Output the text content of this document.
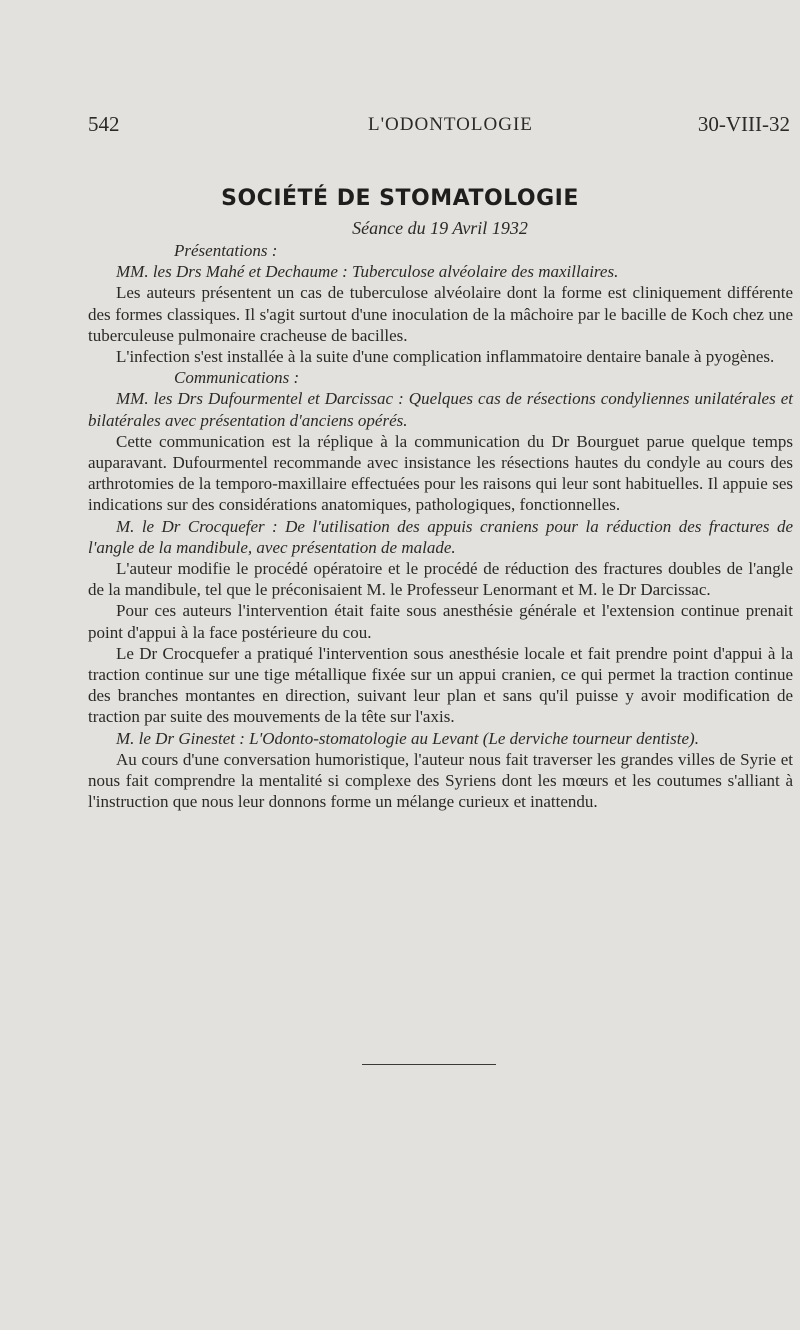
542	L'ODONTOLOGIE	30-VIII-32
SOCIÉTÉ DE STOMATOLOGIE
Séance du 19 Avril 1932

Présentations :

MM. les Drs Mahé et Dechaume : Tuberculose alvéolaire des maxillaires.

Les auteurs présentent un cas de tuberculose alvéolaire dont la forme est cliniquement différente des formes classiques. Il s'agit surtout d'une inoculation de la mâchoire par le bacille de Koch chez une tuberculeuse pulmonaire cracheuse de bacilles.

L'infection s'est installée à la suite d'une complication inflammatoire dentaire banale à pyogènes.

Communications :

MM. les Drs Dufourmentel et Darcissac : Quelques cas de résections condyliennes unilatérales et bilatérales avec présentation d'anciens opérés.

Cette communication est la réplique à la communication du Dr Bourguet parue quelque temps auparavant. Dufourmentel recommande avec insistance les résections hautes du condyle au cours des arthrotomies de la temporo-maxillaire effectuées pour les raisons qui leur sont habituelles. Il appuie ses indications sur des considérations anatomiques, pathologiques, fonctionnelles.

M. le Dr Crocquefer : De l'utilisation des appuis craniens pour la réduction des fractures de l'angle de la mandibule, avec présentation de malade.

L'auteur modifie le procédé opératoire et le procédé de réduction des fractures doubles de l'angle de la mandibule, tel que le préconisaient M. le Professeur Lenormant et M. le Dr Darcissac.

Pour ces auteurs l'intervention était faite sous anesthésie générale et l'extension continue prenait point d'appui à la face postérieure du cou.

Le Dr Crocquefer a pratiqué l'intervention sous anesthésie locale et fait prendre point d'appui à la traction continue sur une tige métallique fixée sur un appui cranien, ce qui permet la traction continue des branches montantes en direction, suivant leur plan et sans qu'il puisse y avoir modification de traction par suite des mouvements de la tête sur l'axis.

M. le Dr Ginestet : L'Odonto-stomatologie au Levant (Le derviche tourneur dentiste).

Au cours d'une conversation humoristique, l'auteur nous fait traverser les grandes villes de Syrie et nous fait comprendre la mentalité si complexe des Syriens dont les mœurs et les coutumes s'alliant à l'instruction que nous leur donnons forme un mélange curieux et inattendu.
